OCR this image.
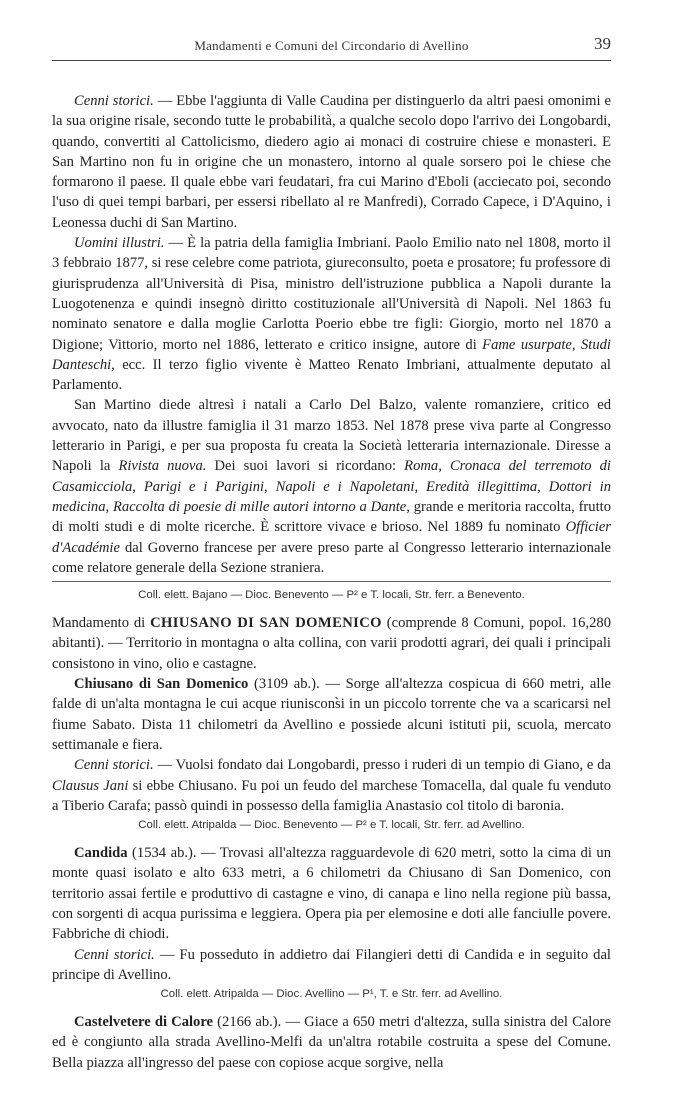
Mandamenti e Comuni del Circondario di Avellino	39

Cenni storici. — Ebbe l'aggiunta di Valle Caudina per distinguerlo da altri paesi omonimi e la sua origine risale, secondo tutte le probabilità, a qualche secolo dopo l'arrivo dei Longobardi, quando, convertiti al Cattolicismo, diedero agio ai monaci di costruire chiese e monasteri. E San Martino non fu in origine che un monastero, intorno al quale sorsero poi le chiese che formarono il paese. Il quale ebbe vari feudatari, fra cui Marino d'Eboli (acciecato poi, secondo l'uso di quei tempi barbari, per essersi ribellato al re Manfredi), Corrado Capece, i D'Aquino, i Leonessa duchi di San Martino.

Uomini illustri. — È la patria della famiglia Imbriani. Paolo Emilio nato nel 1808, morto il 3 febbraio 1877, si rese celebre come patriota, giureconsulto, poeta e prosatore; fu professore di giurisprudenza all'Università di Pisa, ministro dell'istruzione pubblica a Napoli durante la Luogotenenza e quindi insegnò diritto costituzionale all'Università di Napoli. Nel 1863 fu nominato senatore e dalla moglie Carlotta Poerio ebbe tre figli: Giorgio, morto nel 1870 a Digione; Vittorio, morto nel 1886, letterato e critico insigne, autore di Fame usurpate, Studi Danteschi, ecc. Il terzo figlio vivente è Matteo Renato Imbriani, attualmente deputato al Parlamento.

San Martino diede altresì i natali a Carlo Del Balzo, valente romanziere, critico ed avvocato, nato da illustre famiglia il 31 marzo 1853. Nel 1878 prese viva parte al Congresso letterario in Parigi, e per sua proposta fu creata la Società letteraria internazionale. Diresse a Napoli la Rivista nuova. Dei suoi lavori si ricordano: Roma, Cronaca del terremoto di Casamicciola, Parigi e i Parigini, Napoli e i Napoletani, Eredità illegittima, Dottori in medicina, Raccolta di poesie di mille autori intorno a Dante, grande e meritoria raccolta, frutto di molti studi e di molte ricerche. È scrittore vivace e brioso. Nel 1889 fu nominato Officier d'Académie dal Governo francese per avere preso parte al Congresso letterario internazionale come relatore generale della Sezione straniera.

Coll. elett. Bajano — Dioc. Benevento — P² e T. locali, Str. ferr. a Benevento.

Mandamento di CHIUSANO DI SAN DOMENICO (comprende 8 Comuni, popol. 16,280 abitanti). — Territorio in montagna o alta collina, con varii prodotti agrari, dei quali i principali consistono in vino, olio e castagne.

Chiusano di San Domenico (3109 ab.). — Sorge all'altezza cospicua di 660 metri, alle falde di un'alta montagna le cui acque riuniscons̀i in un piccolo torrente che va a scaricarsi nel fiume Sabato. Dista 11 chilometri da Avellino e possiede alcuni istituti pii, scuola, mercato settimanale e fiera.

Cenni storici. — Vuolsi fondato dai Longobardi, presso i ruderi di un tempio di Giano, e da Clausus Jani si ebbe Chiusano. Fu poi un feudo del marchese Tomacella, dal quale fu venduto a Tiberio Carafa; passò quindi in possesso della famiglia Anastasio col titolo di baronia.

Coll. elett. Atripalda — Dioc. Benevento — P² e T. locali, Str. ferr. ad Avellino.

Candida (1534 ab.). — Trovasi all'altezza ragguardevole di 620 metri, sotto la cima di un monte quasi isolato e alto 633 metri, a 6 chilometri da Chiusano di San Domenico, con territorio assai fertile e produttivo di castagne e vino, di canapa e lino nella regione più bassa, con sorgenti di acqua purissima e leggiera. Opera pia per elemosine e doti alle fanciulle povere. Fabbriche di chiodi.

Cenni storici. — Fu posseduto in addietro dai Filangieri detti di Candida e in seguito dal principe di Avellino.

Coll. elett. Atripalda — Dioc. Avellino — P¹, T. e Str. ferr. ad Avellino.

Castelvetere di Calore (2166 ab.). — Giace a 650 metri d'altezza, sulla sinistra del Calore ed è congiunto alla strada Avellino-Melfi da un'altra rotabile costruita a spese del Comune. Bella piazza all'ingresso del paese con copiose acque sorgive, nella
